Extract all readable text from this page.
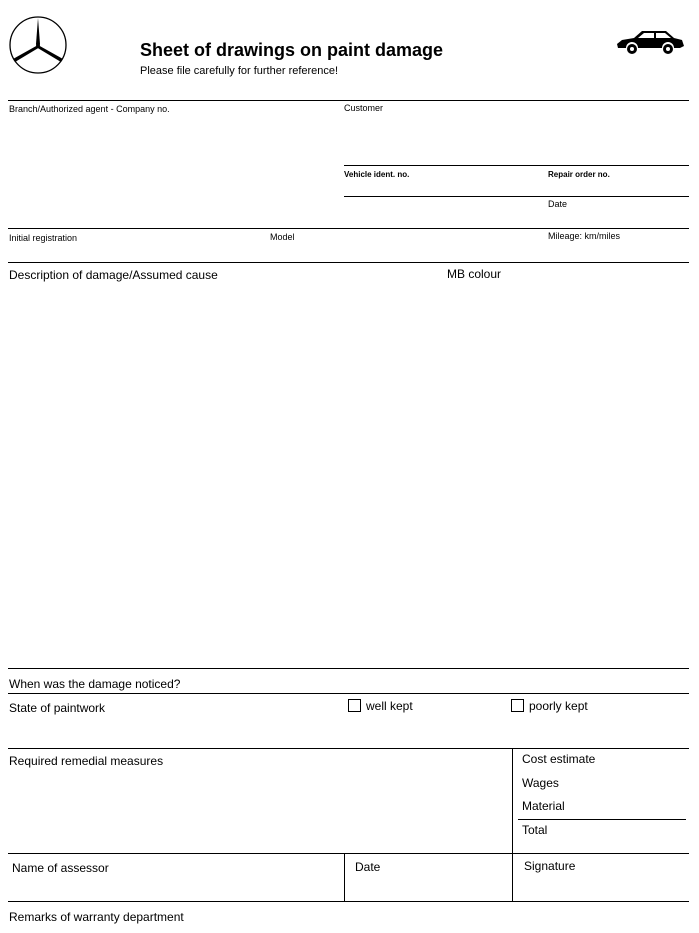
Sheet of drawings on paint damage
Please file carefully for further reference!
Branch/Authorized agent - Company no.	Customer
Vehicle ident. no.	Repair order no.
Date
Initial registration	Model	Mileage: km/miles
Description of damage/Assumed cause	MB colour
When was the damage noticed?
State of paintwork	well kept	poorly kept
Required remedial measures	Cost estimate
Wages
Material
Total
Name of assessor	Date	Signature
Remarks of warranty department
